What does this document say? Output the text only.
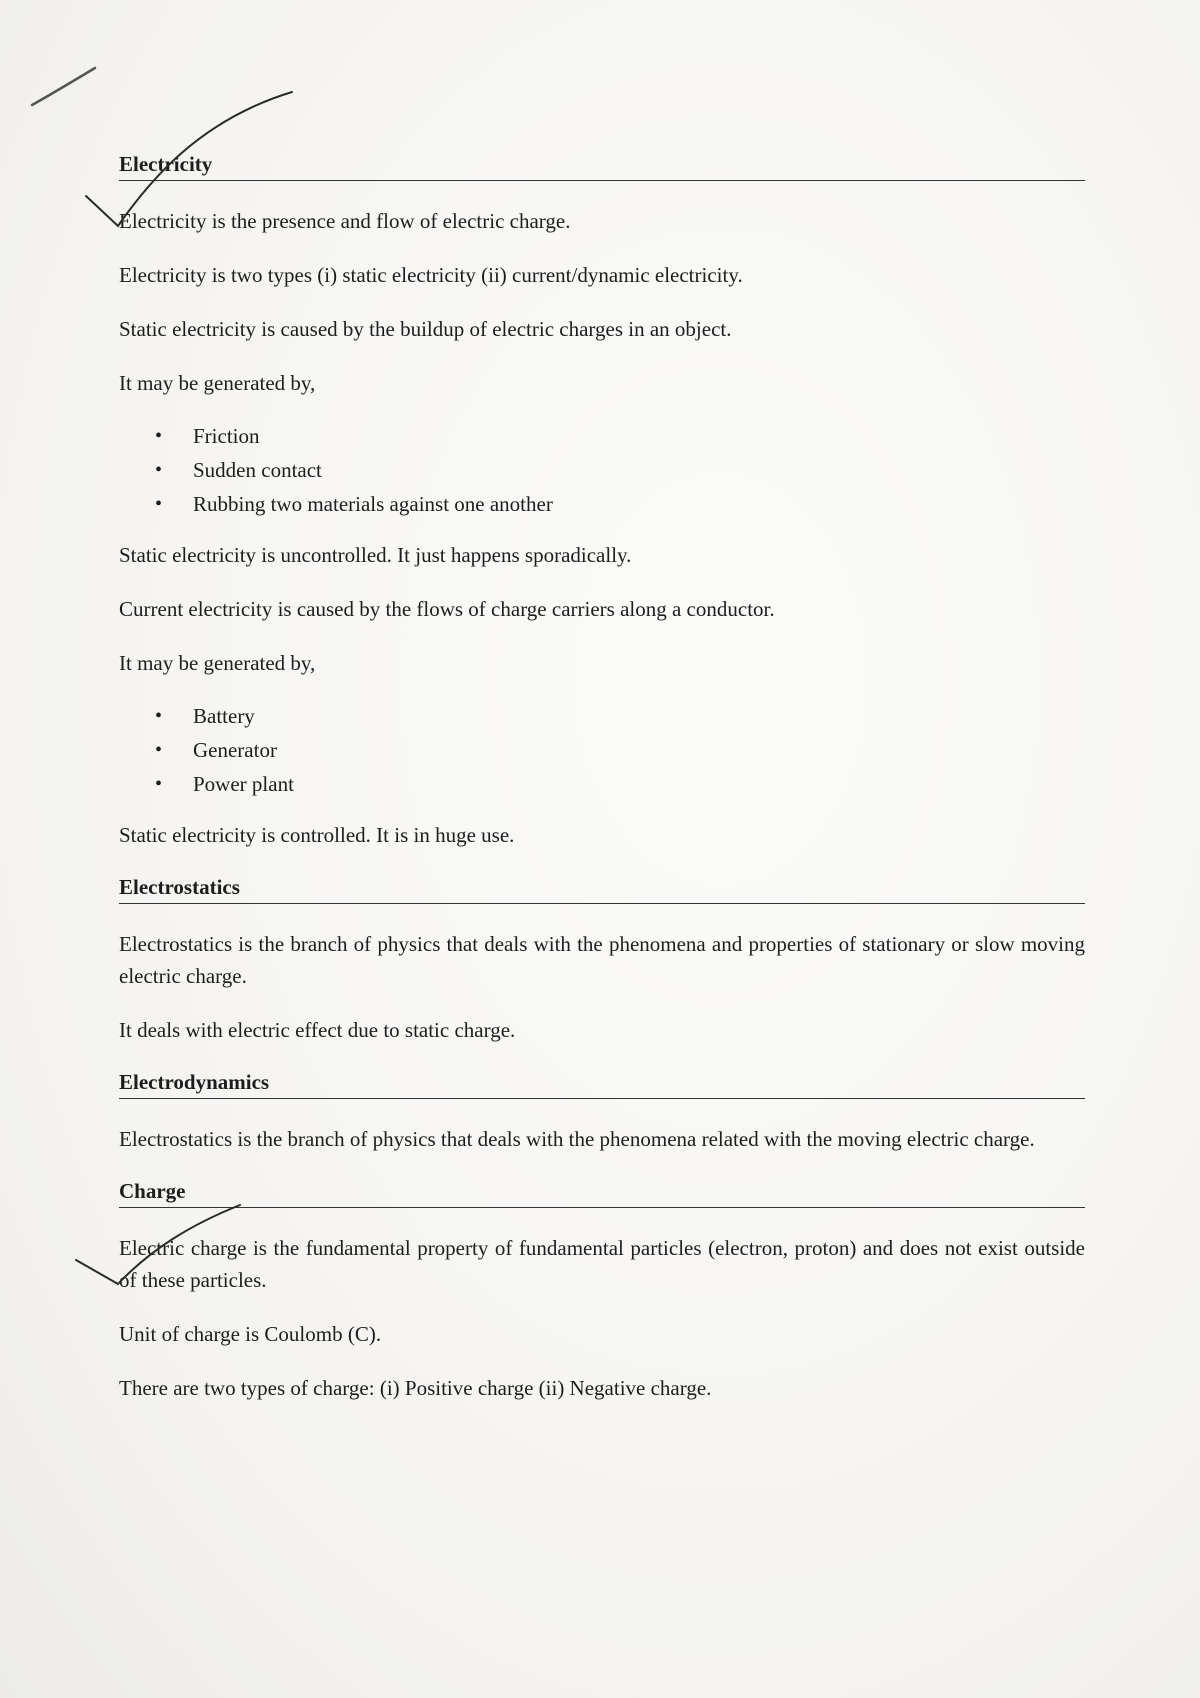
Electricity

Electricity is the presence and flow of electric charge.

Electricity is two types (i) static electricity (ii) current/dynamic electricity.

Static electricity is caused by the buildup of electric charges in an object.

It may be generated by,

• Friction
• Sudden contact
• Rubbing two materials against one another

Static electricity is uncontrolled. It just happens sporadically.

Current electricity is caused by the flows of charge carriers along a conductor.

It may be generated by,

• Battery
• Generator
• Power plant

Static electricity is controlled. It is in huge use.

Electrostatics

Electrostatics is the branch of physics that deals with the phenomena and properties of stationary or slow moving electric charge.

It deals with electric effect due to static charge.

Electrodynamics

Electrostatics is the branch of physics that deals with the phenomena related with the moving electric charge.

Charge

Electric charge is the fundamental property of fundamental particles (electron, proton) and does not exist outside of these particles.

Unit of charge is Coulomb (C).

There are two types of charge: (i) Positive charge (ii) Negative charge.
